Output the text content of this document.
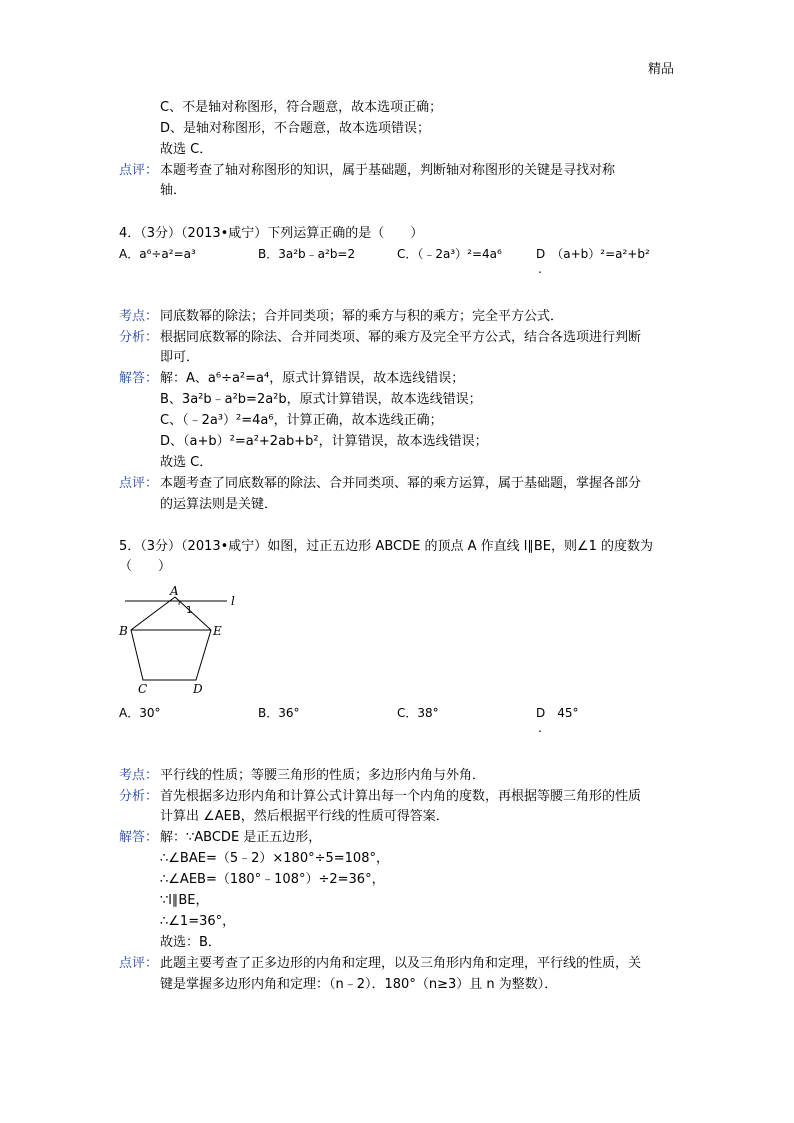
精品
C、不是轴对称图形，符合题意，故本选项正确；
D、是轴对称图形，不合题意，故本选项错误；
故选 C．
点评： 本题考查了轴对称图形的知识，属于基础题，判断轴对称图形的关键是寻找对称
轴．
4．（3分）（2013•咸宁）下列运算正确的是（　　）
A．a⁶÷a²=a³	B．3a²b﹣a²b=2	C．（﹣2a³）²=4a⁶	D　（a+b）²=a²+b²
.
考点： 同底数幂的除法；合并同类项；幂的乘方与积的乘方；完全平方公式．
分析： 根据同底数幂的除法、合并同类项、幂的乘方及完全平方公式，结合各选项进行判断
即可．
解答： 解：A、a⁶÷a²=a⁴，原式计算错误，故本选线错误；
B、3a²b﹣a²b=2a²b，原式计算错误，故本选线错误；
C、（﹣2a³）²=4a⁶，计算正确，故本选线正确；
D、（a+b）²=a²+2ab+b²，计算错误，故本选线错误；
故选 C．
点评： 本题考查了同底数幂的除法、合并同类项、幂的乘方运算，属于基础题，掌握各部分
的运算法则是关键．
5．（3分）（2013•咸宁）如图，过正五边形 ABCDE 的顶点 A 作直线 l∥BE，则∠1 的度数为
（　　）
A
B	E
C	D
1
l
A．30°	B．36°	C．38°	D　45°
.
考点： 平行线的性质；等腰三角形的性质；多边形内角与外角．
分析： 首先根据多边形内角和计算公式计算出每一个内角的度数，再根据等腰三角形的性质
计算出 ∠AEB，然后根据平行线的性质可得答案．
解答： 解：∵ABCDE 是正五边形，
∴∠BAE=（5﹣2）×180°÷5=108°，
∴∠AEB=（180°﹣108°）÷2=36°，
∵l∥BE，
∴∠1=36°，
故选：B．
点评： 此题主要考查了正多边形的内角和定理，以及三角形内角和定理，平行线的性质，关
键是掌握多边形内角和定理：（n﹣2）．180°（n≥3）且 n 为整数）．
